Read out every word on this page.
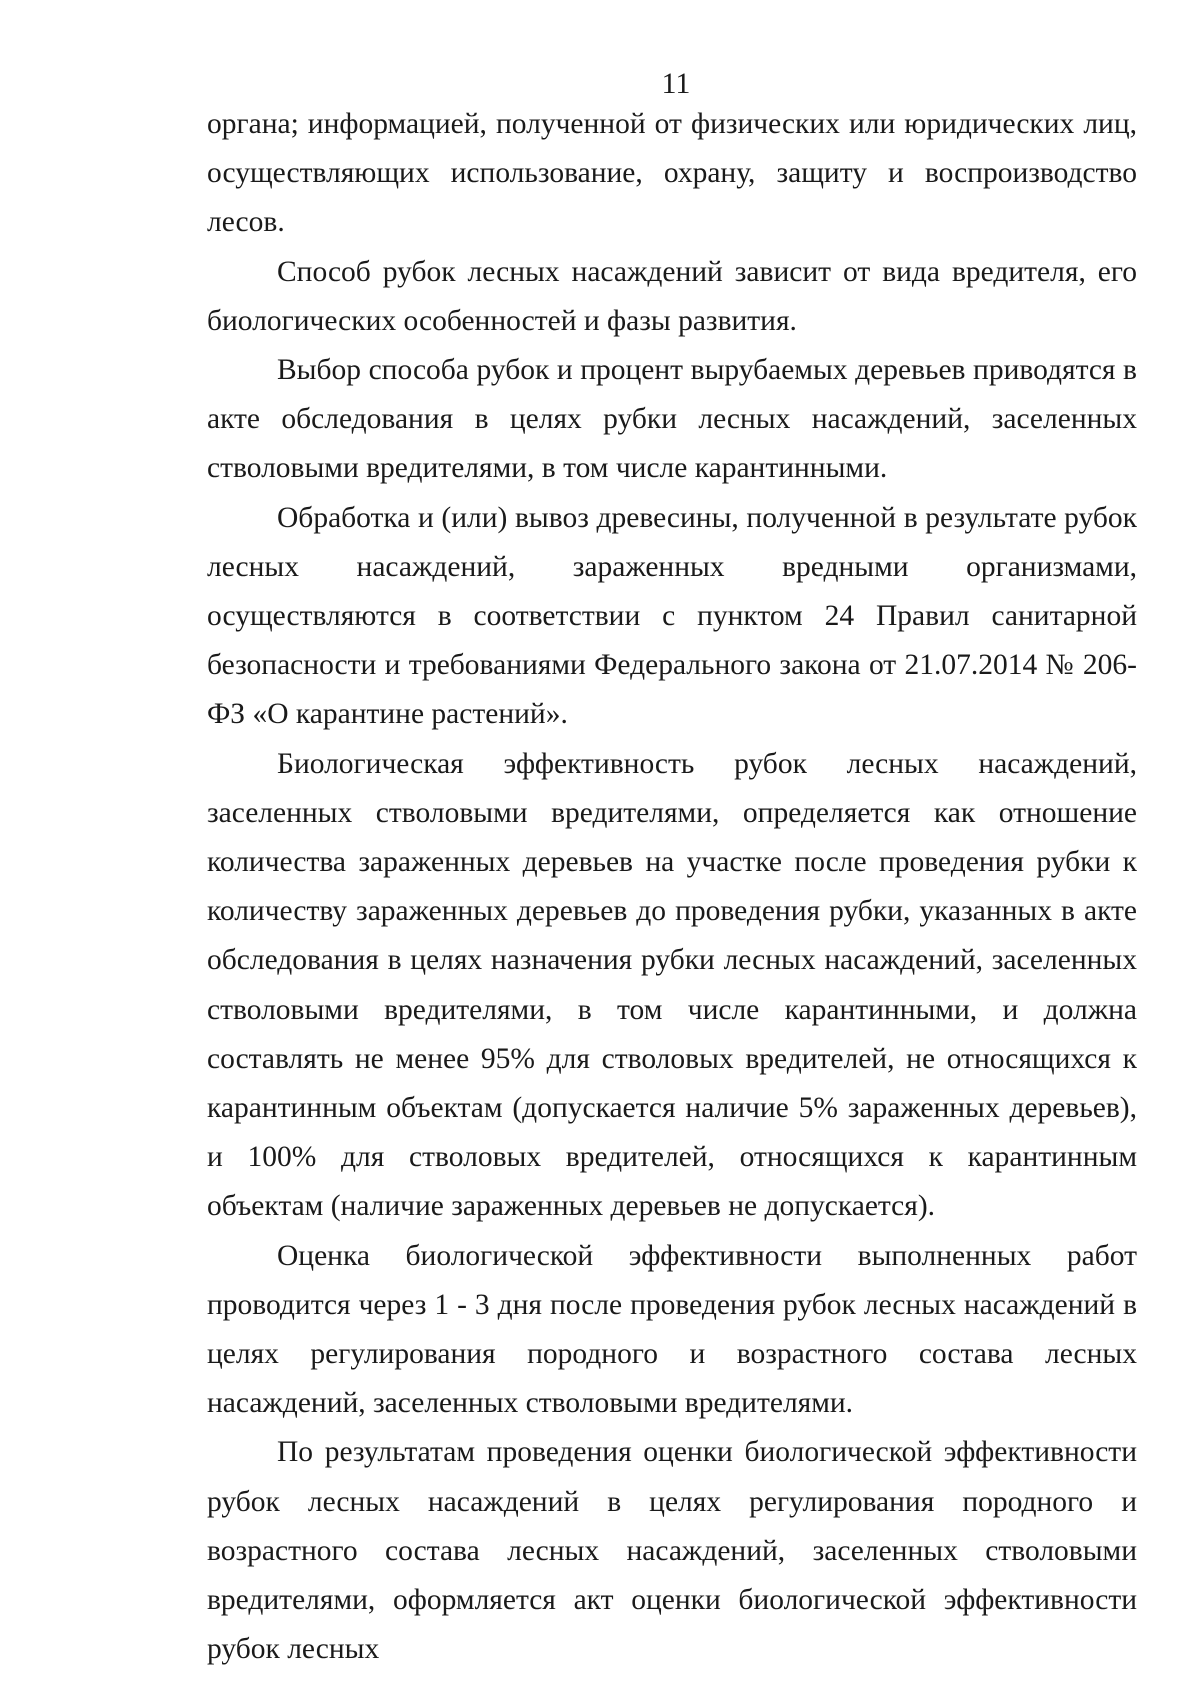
11

органа; информацией, полученной от физических или юридических лиц, осуществляющих использование, охрану, защиту и воспроизводство лесов.

Способ рубок лесных насаждений зависит от вида вредителя, его биологических особенностей и фазы развития.

Выбор способа рубок и процент вырубаемых деревьев приводятся в акте обследования в целях рубки лесных насаждений, заселенных стволовыми вредителями, в том числе карантинными.

Обработка и (или) вывоз древесины, полученной в результате рубок лесных насаждений, зараженных вредными организмами, осуществляются в соответствии с пунктом 24 Правил санитарной безопасности и требованиями Федерального закона от 21.07.2014 № 206-ФЗ «О карантине растений».

Биологическая эффективность рубок лесных насаждений, заселенных стволовыми вредителями, определяется как отношение количества зараженных деревьев на участке после проведения рубки к количеству зараженных деревьев до проведения рубки, указанных в акте обследования в целях назначения рубки лесных насаждений, заселенных стволовыми вредителями, в том числе карантинными, и должна составлять не менее 95% для стволовых вредителей, не относящихся к карантинным объектам (допускается наличие 5% зараженных деревьев), и 100% для стволовых вредителей, относящихся к карантинным объектам (наличие зараженных деревьев не допускается).

Оценка биологической эффективности выполненных работ проводится через 1 - 3 дня после проведения рубок лесных насаждений в целях регулирования породного и возрастного состава лесных насаждений, заселенных стволовыми вредителями.

По результатам проведения оценки биологической эффективности рубок лесных насаждений в целях регулирования породного и возрастного состава лесных насаждений, заселенных стволовыми вредителями, оформляется акт оценки биологической эффективности рубок лесных
